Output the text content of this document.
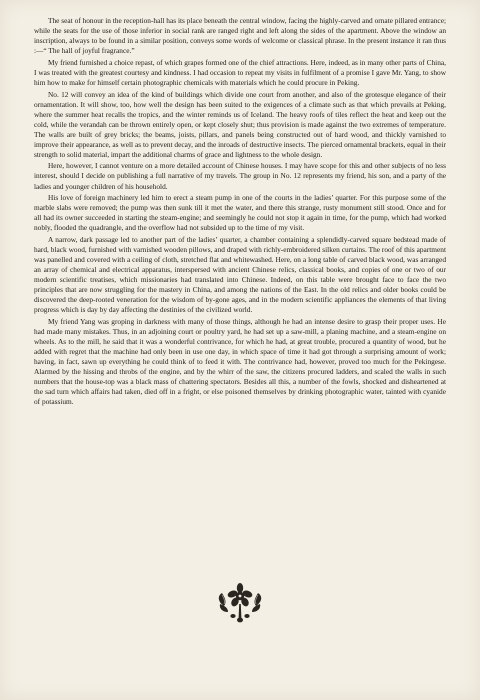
The seat of honour in the reception-hall has its place beneath the central window, facing the highly-carved and ornate pillared entrance; while the seats for the use of those inferior in social rank are ranged right and left along the sides of the apartment. Above the window an inscription, always to be found in a similar position, conveys some words of welcome or classical phrase. In the present instance it ran thus :—“ The hall of joyful fragrance.”

My friend furnished a choice repast, of which grapes formed one of the chief attractions. Here, indeed, as in many other parts of China, I was treated with the greatest courtesy and kindness. I had occasion to repeat my visits in fulfilment of a promise I gave Mr. Yang, to show him how to make for himself certain photographic chemicals with materials which he could procure in Peking.

No. 12 will convey an idea of the kind of buildings which divide one court from another, and also of the grotesque elegance of their ornamentation. It will show, too, how well the design has been suited to the exigences of a climate such as that which prevails at Peking, where the summer heat recalls the tropics, and the winter reminds us of Iceland. The heavy roofs of tiles reflect the heat and keep out the cold, while the verandah can be thrown entirely open, or kept closely shut; thus provision is made against the two extremes of temperature. The walls are built of grey bricks; the beams, joists, pillars, and panels being constructed out of hard wood, and thickly varnished to improve their appearance, as well as to prevent decay, and the inroads of destructive insects. The pierced ornamental brackets, equal in their strength to solid material, impart the additional charms of grace and lightness to the whole design.

Here, however, I cannot venture on a more detailed account of Chinese houses. I may have scope for this and other subjects of no less interest, should I decide on publishing a full narrative of my travels. The group in No. 12 represents my friend, his son, and a party of the ladies and younger children of his household.

His love of foreign machinery led him to erect a steam pump in one of the courts in the ladies’ quarter. For this purpose some of the marble slabs were removed; the pump was then sunk till it met the water, and there this strange, rusty monument still stood. Once and for all had its owner succeeded in starting the steam-engine; and seemingly he could not stop it again in time, for the pump, which had worked nobly, flooded the quadrangle, and the overflow had not subsided up to the time of my visit.

A narrow, dark passage led to another part of the ladies’ quarter, a chamber containing a splendidly-carved square bedstead made of hard, black wood, furnished with varnished wooden pillows, and draped with richly-embroidered silken curtains. The roof of this apartment was panelled and covered with a ceiling of cloth, stretched flat and whitewashed. Here, on a long table of carved black wood, was arranged an array of chemical and electrical apparatus, interspersed with ancient Chinese relics, classical books, and copies of one or two of our modern scientific treatises, which missionaries had translated into Chinese. Indeed, on this table were brought face to face the two principles that are now struggling for the mastery in China, and among the nations of the East. In the old relics and older books could be discovered the deep-rooted veneration for the wisdom of by-gone ages, and in the modern scientific appliances the elements of that living progress which is day by day affecting the destinies of the civilized world.

My friend Yang was groping in darkness with many of those things, although he had an intense desire to grasp their proper uses. He had made many mistakes. Thus, in an adjoining court or poultry yard, he had set up a saw-mill, a planing machine, and a steam-engine on wheels. As to the mill, he said that it was a wonderful contrivance, for which he had, at great trouble, procured a quantity of wood, but he added with regret that the machine had only been in use one day, in which space of time it had got through a surprising amount of work; having, in fact, sawn up everything he could think of to feed it with. The contrivance had, however, proved too much for the Pekingese. Alarmed by the hissing and throbs of the engine, and by the whirr of the saw, the citizens procured ladders, and scaled the walls in such numbers that the house-top was a black mass of chattering spectators. Besides all this, a number of the fowls, shocked and disheartened at the sad turn which affairs had taken, died off in a fright, or else poisoned themselves by drinking photographic water, tainted with cyanide of potassium.
